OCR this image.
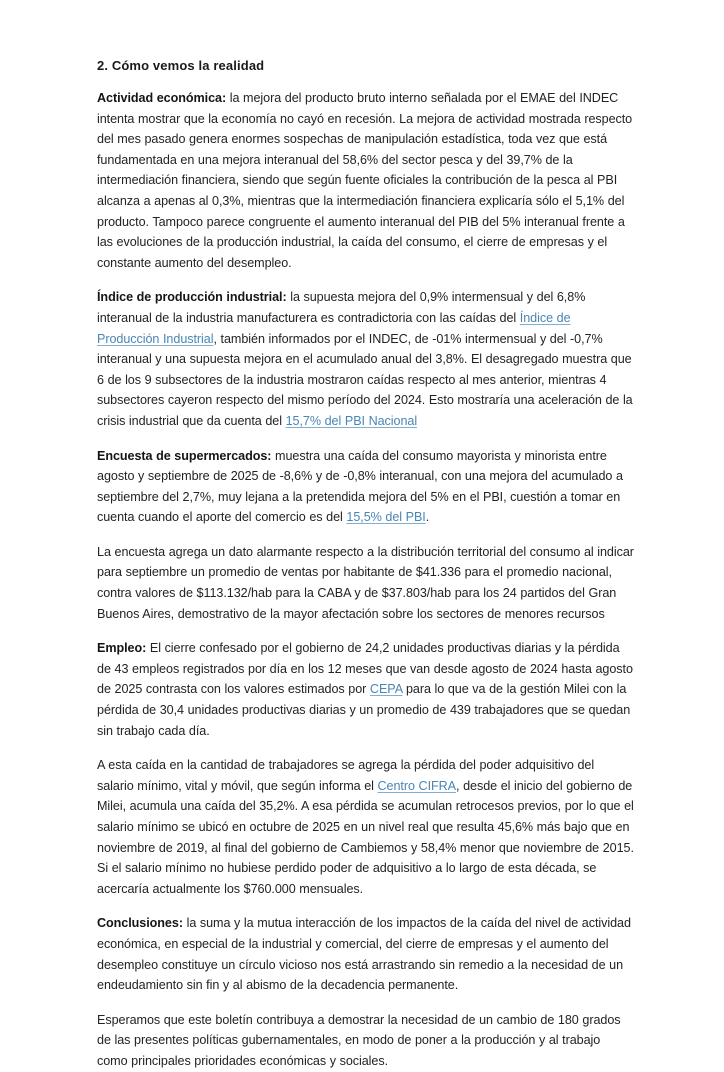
2. Cómo vemos la realidad

Actividad económica: la mejora del producto bruto interno señalada por el EMAE del INDEC intenta mostrar que la economía no cayó en recesión. La mejora de actividad mostrada respecto del mes pasado genera enormes sospechas de manipulación estadística, toda vez que está fundamentada en una mejora interanual del 58,6% del sector pesca y del 39,7% de la intermediación financiera, siendo que según fuente oficiales la contribución de la pesca al PBI alcanza a apenas al 0,3%, mientras que la intermediación financiera explicaría sólo el 5,1% del producto. Tampoco parece congruente el aumento interanual del PIB del 5% interanual frente a las evoluciones de la producción industrial, la caída del consumo, el cierre de empresas y el constante aumento del desempleo.

Índice de producción industrial: la supuesta mejora del 0,9% intermensual y del 6,8% interanual de la industria manufacturera es contradictoria con las caídas del Índice de Producción Industrial, también informados por el INDEC, de -01% intermensual y del -0,7% interanual y una supuesta mejora en el acumulado anual del 3,8%. El desagregado muestra que 6 de los 9 subsectores de la industria mostraron caídas respecto al mes anterior, mientras 4 subsectores cayeron respecto del mismo período del 2024. Esto mostraría una aceleración de la crisis industrial que da cuenta del 15,7% del PBI Nacional

Encuesta de supermercados: muestra una caída del consumo mayorista y minorista entre agosto y septiembre de 2025 de -8,6% y de -0,8% interanual, con una mejora del acumulado a septiembre del 2,7%, muy lejana a la pretendida mejora del 5% en el PBI, cuestión a tomar en cuenta cuando el aporte del comercio es del 15,5% del PBI.

La encuesta agrega un dato alarmante respecto a la distribución territorial del consumo al indicar para septiembre un promedio de ventas por habitante de $41.336 para el promedio nacional, contra valores de $113.132/hab para la CABA y de $37.803/hab para los 24 partidos del Gran Buenos Aires, demostrativo de la mayor afectación sobre los sectores de menores recursos

Empleo: El cierre confesado por el gobierno de 24,2 unidades productivas diarias y la pérdida de 43 empleos registrados por día en los 12 meses que van desde agosto de 2024 hasta agosto de 2025 contrasta con los valores estimados por CEPA para lo que va de la gestión Milei con la pérdida de 30,4 unidades productivas diarias y un promedio de 439 trabajadores que se quedan sin trabajo cada día.

A esta caída en la cantidad de trabajadores se agrega la pérdida del poder adquisitivo del salario mínimo, vital y móvil, que según informa el Centro CIFRA, desde el inicio del gobierno de Milei, acumula una caída del 35,2%. A esa pérdida se acumulan retrocesos previos, por lo que el salario mínimo se ubicó en octubre de 2025 en un nivel real que resulta 45,6% más bajo que en noviembre de 2019, al final del gobierno de Cambiemos y 58,4% menor que noviembre de 2015. Si el salario mínimo no hubiese perdido poder de adquisitivo a lo largo de esta década, se acercaría actualmente los $760.000 mensuales.

Conclusiones: la suma y la mutua interacción de los impactos de la caída del nivel de actividad económica, en especial de la industrial y comercial, del cierre de empresas y el aumento del desempleo constituye un círculo vicioso nos está arrastrando sin remedio a la necesidad de un endeudamiento sin fin y al abismo de la decadencia permanente.

Esperamos que este boletín contribuya a demostrar la necesidad de un cambio de 180 grados de las presentes políticas gubernamentales, en modo de poner a la producción y al trabajo como principales prioridades económicas y sociales.
